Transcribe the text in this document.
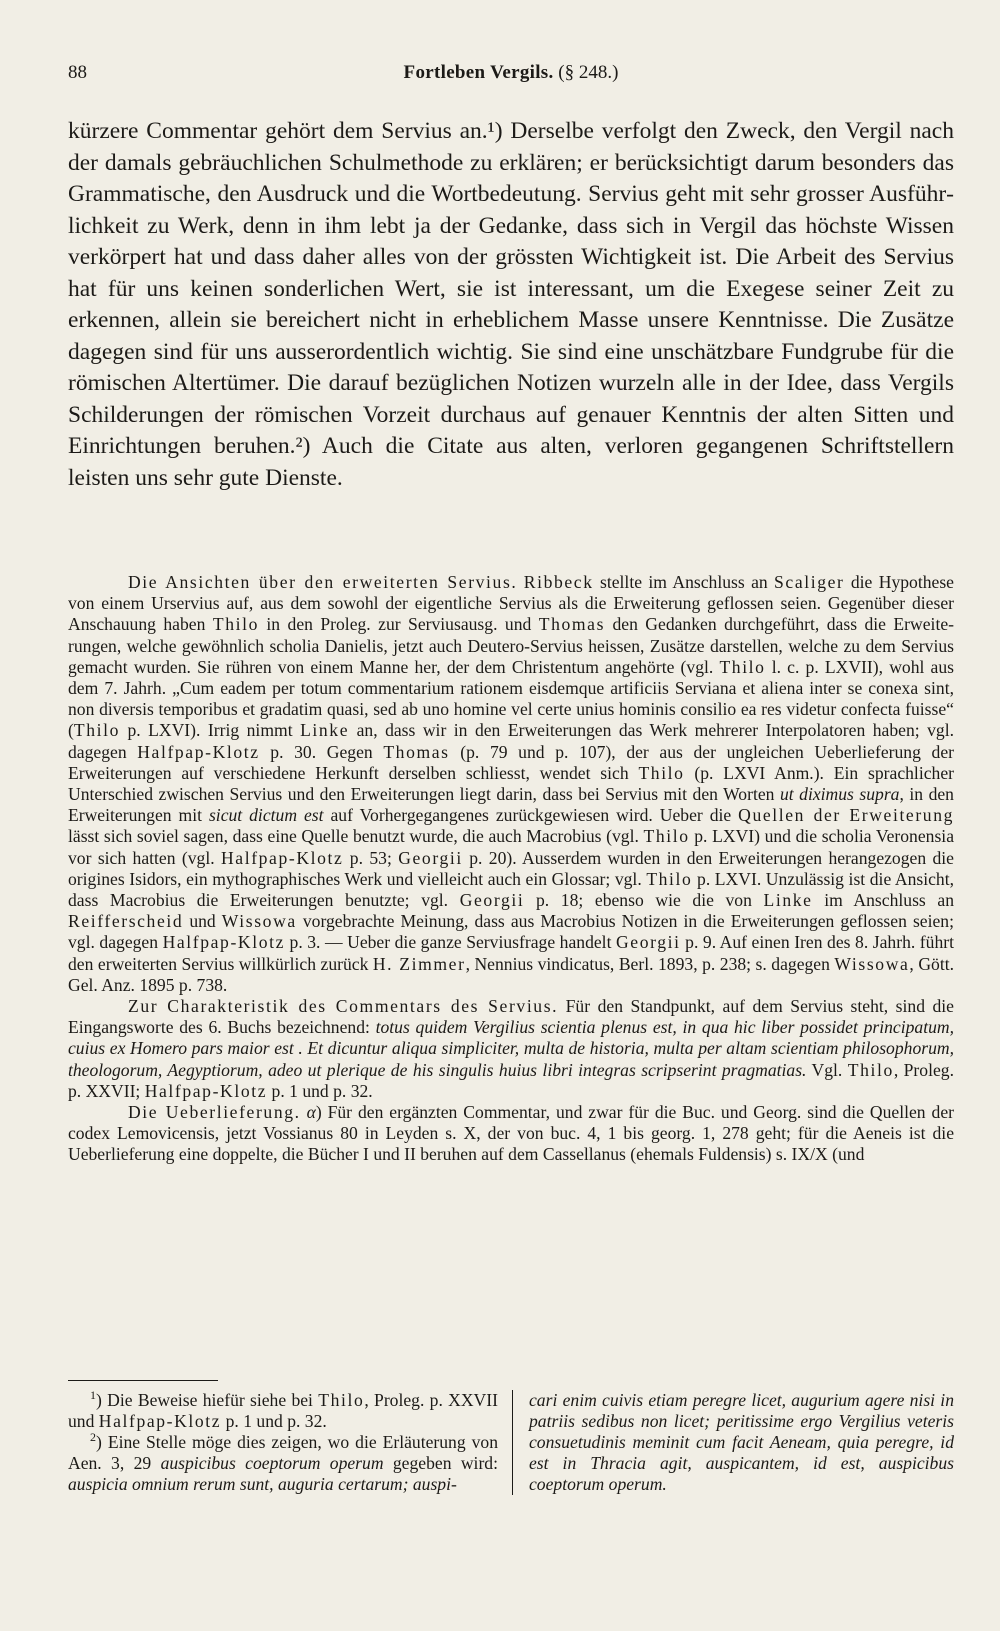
88	Fortleben Vergils. (§ 248.)

kürzere Commentar gehört dem Servius an.¹) Derselbe verfolgt den Zweck, den Vergil nach der damals gebräuchlichen Schulmethode zu erklären; er berücksichtigt darum besonders das Grammatische, den Ausdruck und die Wortbedeutung. Servius geht mit sehr grosser Ausführlichkeit zu Werk, denn in ihm lebt ja der Gedanke, dass sich in Vergil das höchste Wissen verkörpert hat und dass daher alles von der grössten Wichtigkeit ist. Die Arbeit des Servius hat für uns keinen sonderlichen Wert, sie ist interessant, um die Exegese seiner Zeit zu erkennen, allein sie bereichert nicht in erheblichem Masse unsere Kenntnisse. Die Zusätze dagegen sind für uns ausserordentlich wichtig. Sie sind eine unschätzbare Fundgrube für die römischen Altertümer. Die darauf bezüglichen Notizen wurzeln alle in der Idee, dass Vergils Schilderungen der römischen Vorzeit durchaus auf genauer Kenntnis der alten Sitten und Einrichtungen beruhen.²) Auch die Citate aus alten, verloren gegangenen Schriftstellern leisten uns sehr gute Dienste.

Die Ansichten über den erweiterten Servius. Ribbeck stellte im Anschluss an Scaliger die Hypothese von einem Urservius auf, aus dem sowohl der eigentliche Servius als die Erweiterung geflossen seien. Gegenüber dieser Anschauung haben Thilo in den Proleg. zur Serviusausg. und Thomas den Gedanken durchgeführt, dass die Erweiterungen, welche gewöhnlich scholia Danielis, jetzt auch Deutero-Servius heissen, Zusätze darstellen, welche zu dem Servius gemacht wurden. Sie rühren von einem Manne her, der dem Christentum angehörte (vgl. Thilo l. c. p. LXVII), wohl aus dem 7. Jahrh. „Cum eadem per totum commentarium rationem eisdemque artificiis Serviana et aliena inter se conexa sint, non diversis temporibus et gradatim quasi, sed ab uno homine vel certe unius hominis consilio ea res videtur confecta fuisse“ (Thilo p. LXVI). Irrig nimmt Linke an, dass wir in den Erweiterungen das Werk mehrerer Interpolatoren haben; vgl. dagegen Halfpap-Klotz p. 30. Gegen Thomas (p. 79 und p. 107), der aus der ungleichen Ueberlieferung der Erweiterungen auf verschiedene Herkunft derselben schliesst, wendet sich Thilo (p. LXVI Anm.). Ein sprachlicher Unterschied zwischen Servius und den Erweiterungen liegt darin, dass bei Servius mit den Worten ut diximus supra, in den Erweiterungen mit sicut dictum est auf Vorhergegangenes zurückgewiesen wird. Ueber die Quellen der Erweiterung lässt sich soviel sagen, dass eine Quelle benutzt wurde, die auch Macrobius (vgl. Thilo p. LXVI) und die scholia Veronensia vor sich hatten (vgl. Halfpap-Klotz p. 53; Georgii p. 20). Ausserdem wurden in den Erweiterungen herangezogen die origines Isidors, ein mythographisches Werk und vielleicht auch ein Glossar; vgl. Thilo p. LXVI. Unzulässig ist die Ansicht, dass Macrobius die Erweiterungen benutzte; vgl. Georgii p. 18; ebenso wie die von Linke im Anschluss an Reifferscheid und Wissowa vorgebrachte Meinung, dass aus Macrobius Notizen in die Erweiterungen geflossen seien; vgl. dagegen Halfpap-Klotz p. 3. — Ueber die ganze Serviusfrage handelt Georgii p. 9. Auf einen Iren des 8. Jahrh. führt den erweiterten Servius willkürlich zurück H. Zimmer, Nennius vindicatus, Berl. 1893, p. 238; s. dagegen Wissowa, Gött. Gel. Anz. 1895 p. 738.

Zur Charakteristik des Commentars des Servius. Für den Standpunkt, auf dem Servius steht, sind die Eingangsworte des 6. Buchs bezeichnend: totus quidem Vergilius scientia plenus est, in qua hic liber possidet principatum, cuius ex Homero pars maior est . Et dicuntur aliqua simpliciter, multa de historia, multa per altam scientiam philosophorum, theologorum, Aegyptiorum, adeo ut plerique de his singulis huius libri integras scripserint pragmatias. Vgl. Thilo, Proleg. p. XXVII; Halfpap-Klotz p. 1 und p. 32.

Die Ueberlieferung. α) Für den ergänzten Commentar, und zwar für die Buc. und Georg. sind die Quellen der codex Lemovicensis, jetzt Vossianus 80 in Leyden s. X, der von buc. 4, 1 bis georg. 1, 278 geht; für die Aeneis ist die Ueberlieferung eine doppelte, die Bücher I und II beruhen auf dem Cassellanus (ehemals Fuldensis) s. IX/X (und

$^1$) Die Beweise hiefür siehe bei Thilo, Proleg. p. XXVII und Halfpap-Klotz p. 1 und p. 32.

$^2$) Eine Stelle möge dies zeigen, wo die Erläuterung von Aen. 3, 29 auspicibus coeptorum operum gegeben wird: auspicia omnium rerum sunt, auguria certarum; auspi-

cari enim cuivis etiam peregre licet, augurium agere nisi in patriis sedibus non licet; peritissime ergo Vergilius veteris consuetudinis meminit cum facit Aeneam, quia peregre, id est in Thracia agit, auspicantem, id est, auspicibus coeptorum operum.
